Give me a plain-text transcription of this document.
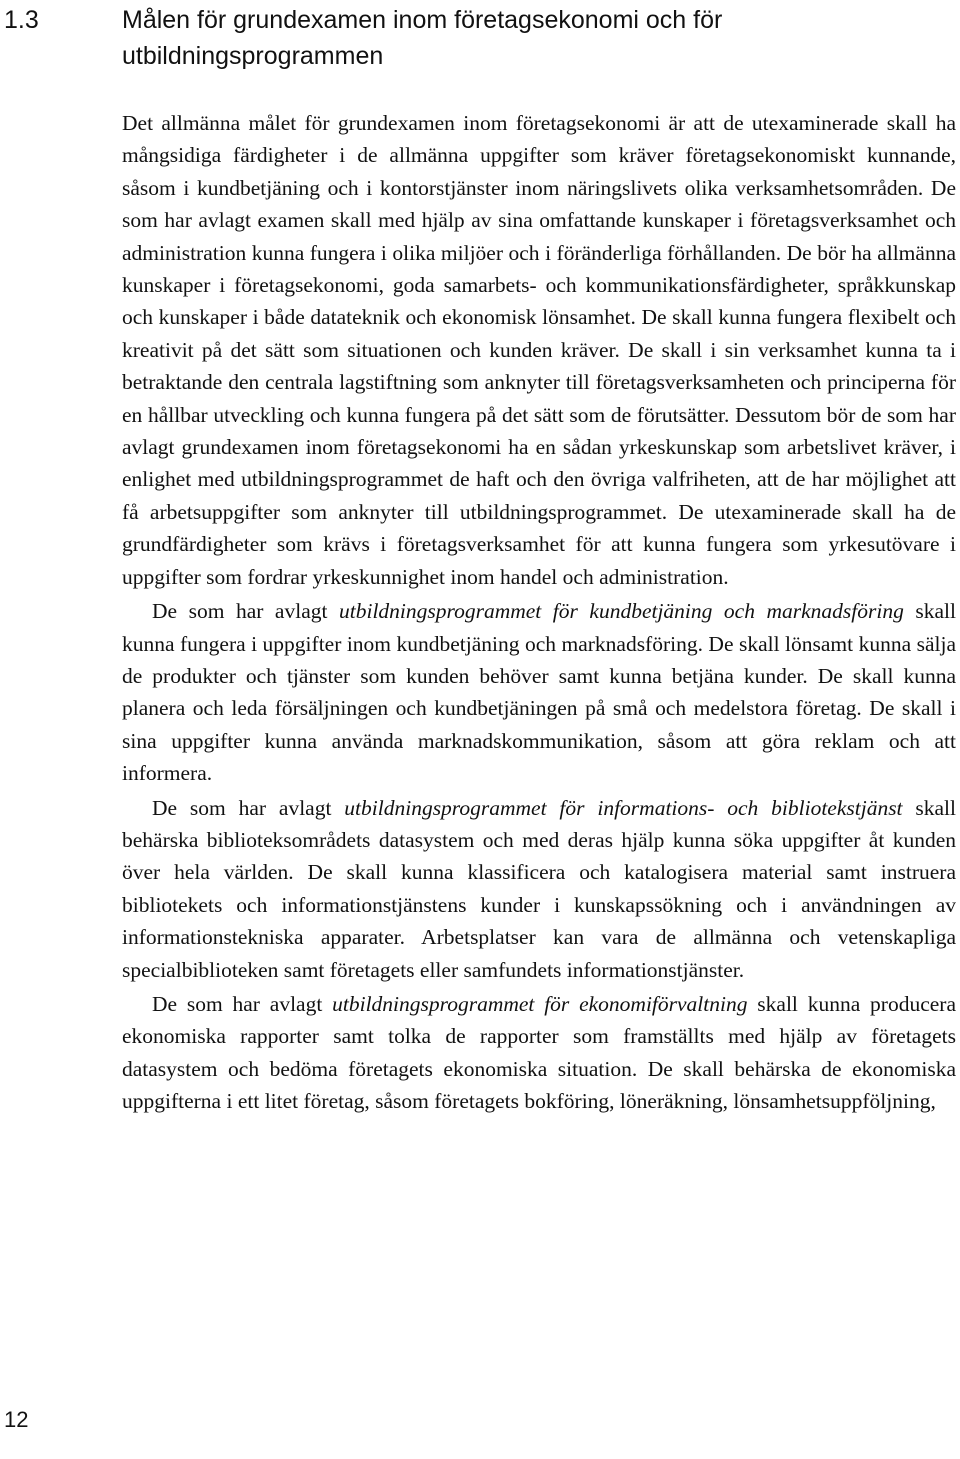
1.3	Målen för grundexamen inom företagsekonomi och för utbildningsprogrammen

Det allmänna målet för grundexamen inom företagsekonomi är att de utexaminerade skall ha mångsidiga färdigheter i de allmänna uppgifter som kräver företagsekonomiskt kunnande, såsom i kundbetjäning och i kontorstjänster inom näringslivets olika verksamhetsområden. De som har avlagt examen skall med hjälp av sina omfattande kunskaper i företagsverksamhet och administration kunna fungera i olika miljöer och i föränderliga förhållanden. De bör ha allmänna kunskaper i företagsekonomi, goda samarbets- och kommunikationsfärdigheter, språkkunskap och kunskaper i både datateknik och ekonomisk lönsamhet. De skall kunna fungera flexibelt och kreativit på det sätt som situationen och kunden kräver. De skall i sin verksamhet kunna ta i betraktande den centrala lagstiftning som anknyter till företagsverksamheten och principerna för en hållbar utveckling och kunna fungera på det sätt som de förutsätter. Dessutom bör de som har avlagt grundexamen inom företagsekonomi ha en sådan yrkeskunskap som arbetslivet kräver, i enlighet med utbildningsprogrammet de haft och den övriga valfriheten, att de har möjlighet att få arbetsuppgifter som anknyter till utbildningsprogrammet. De utexaminerade skall ha de grundfärdigheter som krävs i företagsverksamhet för att kunna fungera som yrkesutövare i uppgifter som fordrar yrkeskunnighet inom handel och administration.

De som har avlagt utbildningsprogrammet för kundbetjäning och marknadsföring skall kunna fungera i uppgifter inom kundbetjäning och marknadsföring. De skall lönsamt kunna sälja de produkter och tjänster som kunden behöver samt kunna betjäna kunder. De skall kunna planera och leda försäljningen och kundbetjäningen på små och medelstora företag. De skall i sina uppgifter kunna använda marknadskommunikation, såsom att göra reklam och att informera.

De som har avlagt utbildningsprogrammet för informations- och bibliotekstjänst skall behärska biblioteksområdets datasystem och med deras hjälp kunna söka uppgifter åt kunden över hela världen. De skall kunna klassificera och katalogisera material samt instruera bibliotekets och informationstjänstens kunder i kunskapssökning och i användningen av informationstekniska apparater. Arbetsplatser kan vara de allmänna och vetenskapliga specialbiblioteken samt företagets eller samfundets informationstjänster.

De som har avlagt utbildningsprogrammet för ekonomiförvaltning skall kunna producera ekonomiska rapporter samt tolka de rapporter som framställts med hjälp av företagets datasystem och bedöma företagets ekonomiska situation. De skall behärska de ekonomiska uppgifterna i ett litet företag, såsom företagets bokföring, löneräkning, lönsamhetsuppföljning,

12
